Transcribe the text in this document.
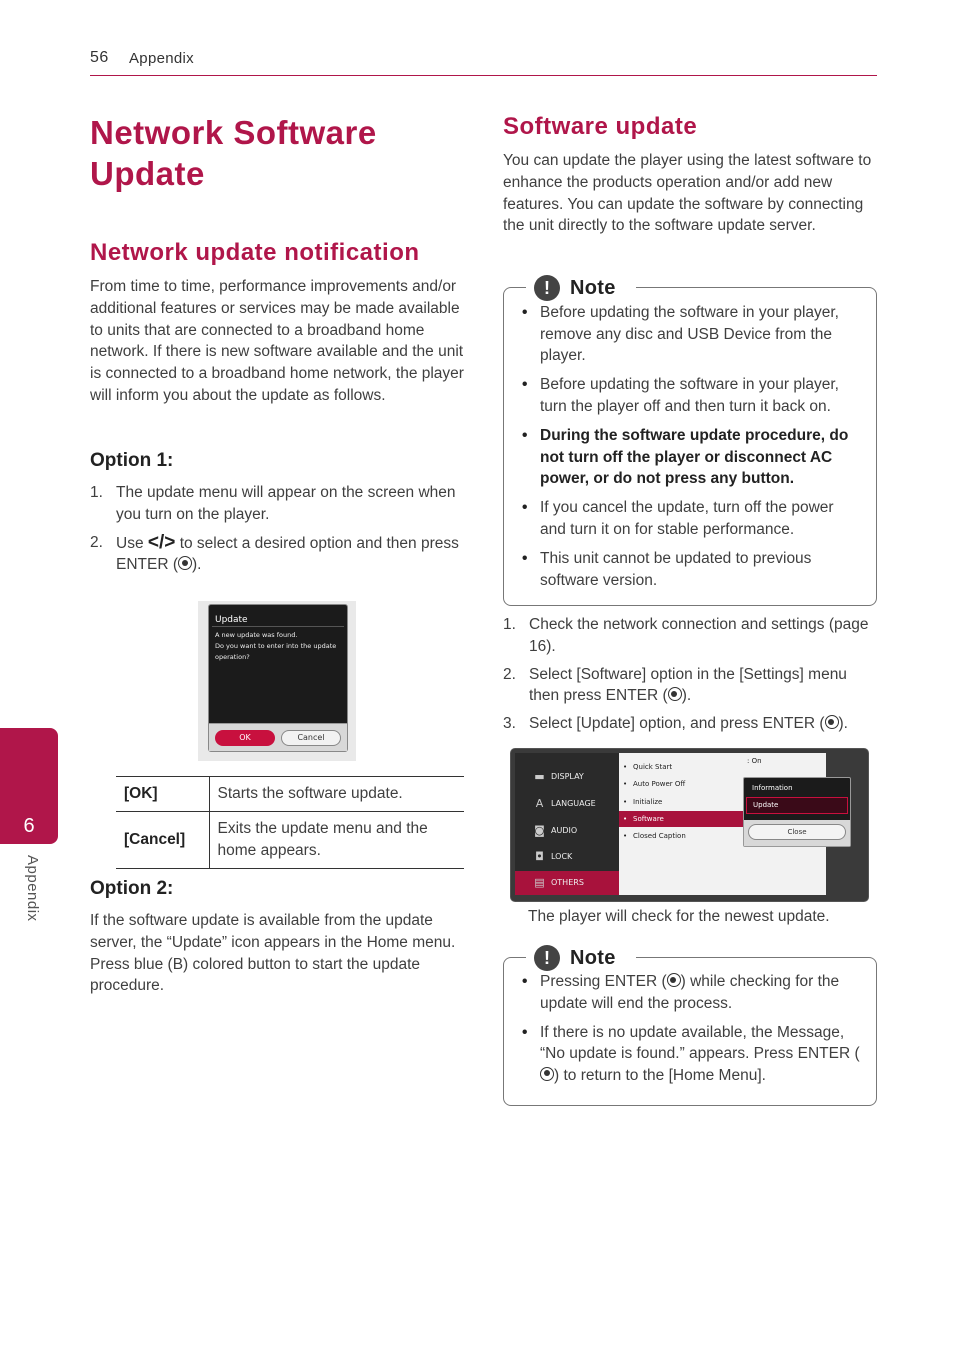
56 Appendix
6
Appendix
Network Software Update
Network update notification
From time to time, performance improvements and/or additional features or services may be made available to units that are connected to a broadband home network. If there is new software available and the unit is connected to a broadband home network, the player will inform you about the update as follows.
Option 1:
1. The update menu will appear on the screen when you turn on the player.
2. Use </> to select a desired option and then press ENTER ( ).
Update
A new update was found.
Do you want to enter into the update operation?
OK	Cancel
[OK]	Starts the software update.
[Cancel]	Exits the update menu and the home appears.
Option 2:
If the software update is available from the update server, the “Update” icon appears in the Home menu. Press blue (B) colored button to start the update procedure.
Software update
You can update the player using the latest software to enhance the products operation and/or add new features. You can update the software by connecting the unit directly to the software update server.
!	Note
• Before updating the software in your player, remove any disc and USB Device from the player.
• Before updating the software in your player, turn the player off and then turn it back on.
• During the software update procedure, do not turn off the player or disconnect AC power, or do not press any button.
• If you cancel the update, turn off the power and turn it on for stable performance.
• This unit cannot be updated to previous software version.
1. Check the network connection and settings (page 16).
2. Select [Software] option in the [Settings] menu then press ENTER ( ).
3. Select [Update] option, and press ENTER ( ).
▬ DISPLAY
A LANGUAGE
◙ AUDIO
◘ LOCK
▤ OTHERS
• Quick Start
• Auto Power Off
• Initialize
• Software
• Closed Caption
: On
Information
Update
Close
The player will check for the newest update.
!	Note
• Pressing ENTER ( ) while checking for the update will end the process.
• If there is no update available, the Message, “No update is found.” appears. Press ENTER () to return to the [Home Menu].
